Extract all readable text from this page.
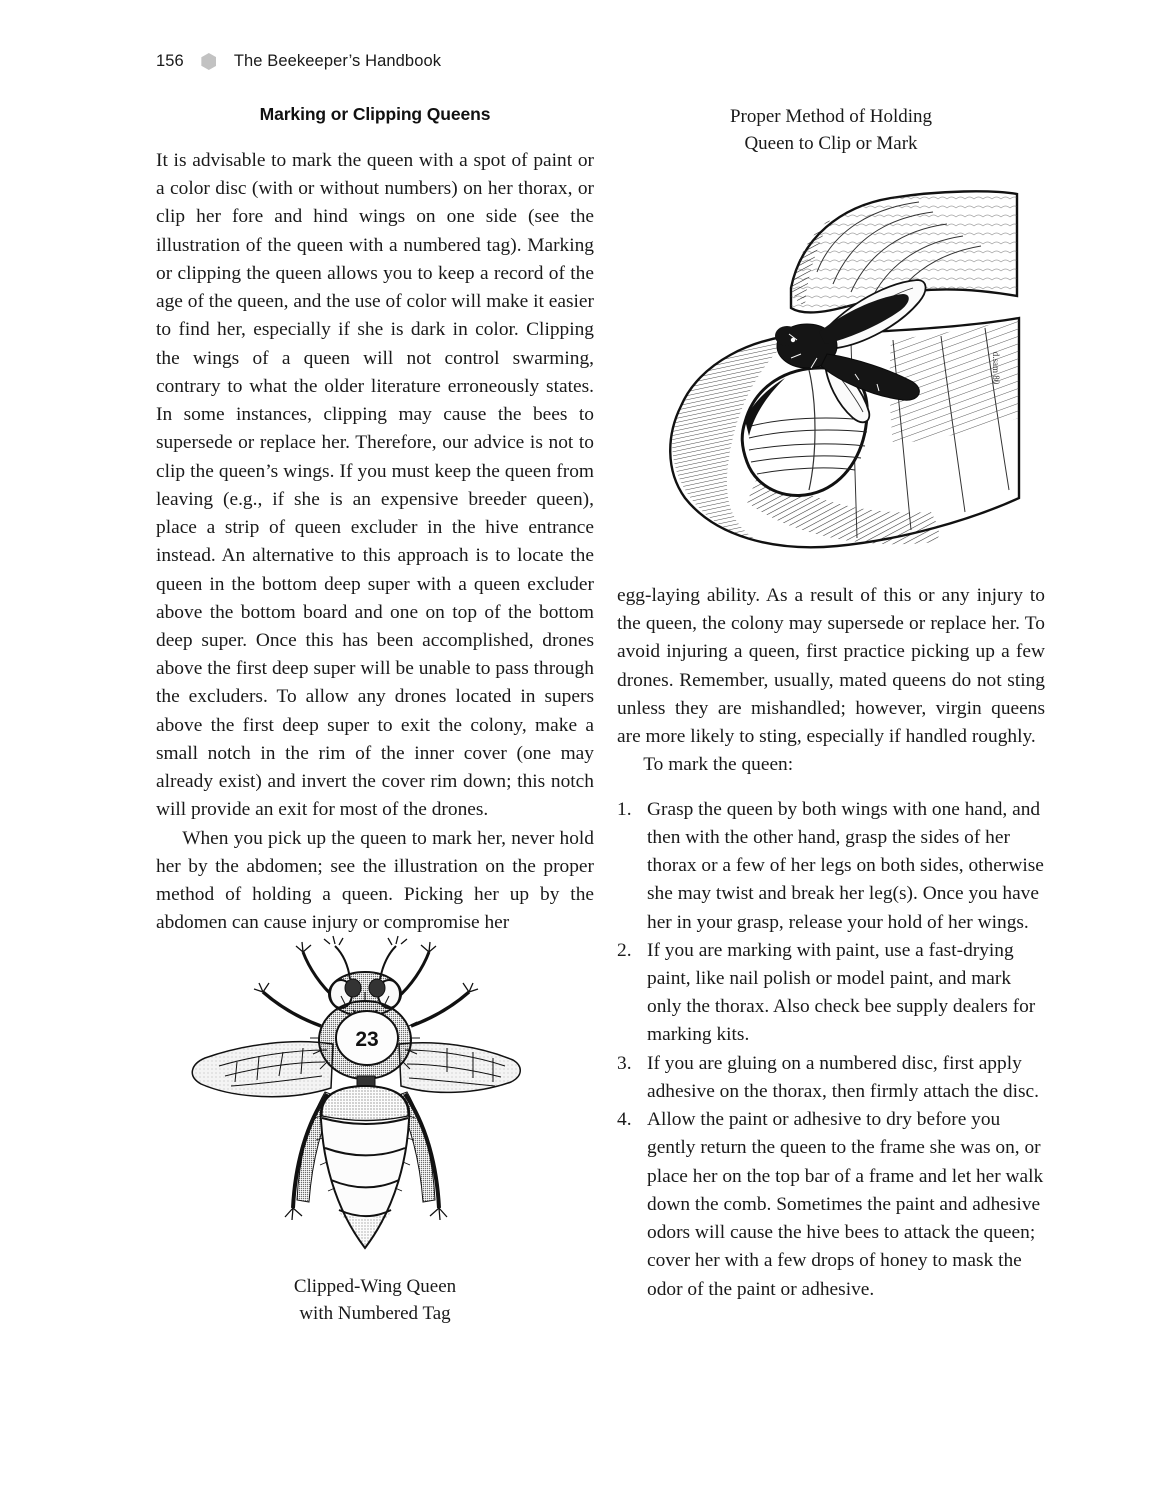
156	The Beekeeper’s Handbook
Marking or Clipping Queens

It is advisable to mark the queen with a spot of paint or a color disc (with or without numbers) on her thorax, or clip her fore and hind wings on one side (see the illustration of the queen with a numbered tag). Marking or clipping the queen allows you to keep a record of the age of the queen, and the use of color will make it easier to find her, especially if she is dark in color. Clipping the wings of a queen will not control swarming, contrary to what the older literature erroneously states. In some instances, clipping may cause the bees to supersede or replace her. Therefore, our advice is not to clip the queen’s wings. If you must keep the queen from leaving (e.g., if she is an expensive breeder queen), place a strip of queen excluder in the hive entrance instead. An alternative to this approach is to locate the queen in the bottom deep super with a queen excluder above the bottom board and one on top of the bottom deep super. Once this has been accomplished, drones above the first deep super will be unable to pass through the excluders. To allow any drones located in supers above the first deep super to exit the colony, make a small notch in the rim of the inner cover (one may already exist) and invert the cover rim down; this notch will provide an exit for most of the drones.

When you pick up the queen to mark her, never hold her by the abdomen; see the illustration on the proper method of holding a queen. Picking her up by the abdomen can cause injury or compromise her

23
Clipped-Wing Queen
with Numbered Tag
Proper Method of Holding
Queen to Clip or Mark
d.sam 80

egg-laying ability. As a result of this or any injury to the queen, the colony may supersede or replace her. To avoid injuring a queen, first practice picking up a few drones. Remember, usually, mated queens do not sting unless they are mishandled; however, virgin queens are more likely to sting, especially if handled roughly.

To mark the queen:

Grasp the queen by both wings with one hand, and then with the other hand, grasp the sides of her thorax or a few of her legs on both sides, otherwise she may twist and break her leg(s). Once you have her in your grasp, release your hold of her wings.
If you are marking with paint, use a fast-drying paint, like nail polish or model paint, and mark only the thorax. Also check bee supply dealers for marking kits.
If you are gluing on a numbered disc, first apply adhesive on the thorax, then firmly attach the disc.
Allow the paint or adhesive to dry before you gently return the queen to the frame she was on, or place her on the top bar of a frame and let her walk down the comb. Sometimes the paint and adhesive odors will cause the hive bees to attack the queen; cover her with a few drops of honey to mask the odor of the paint or adhesive.
